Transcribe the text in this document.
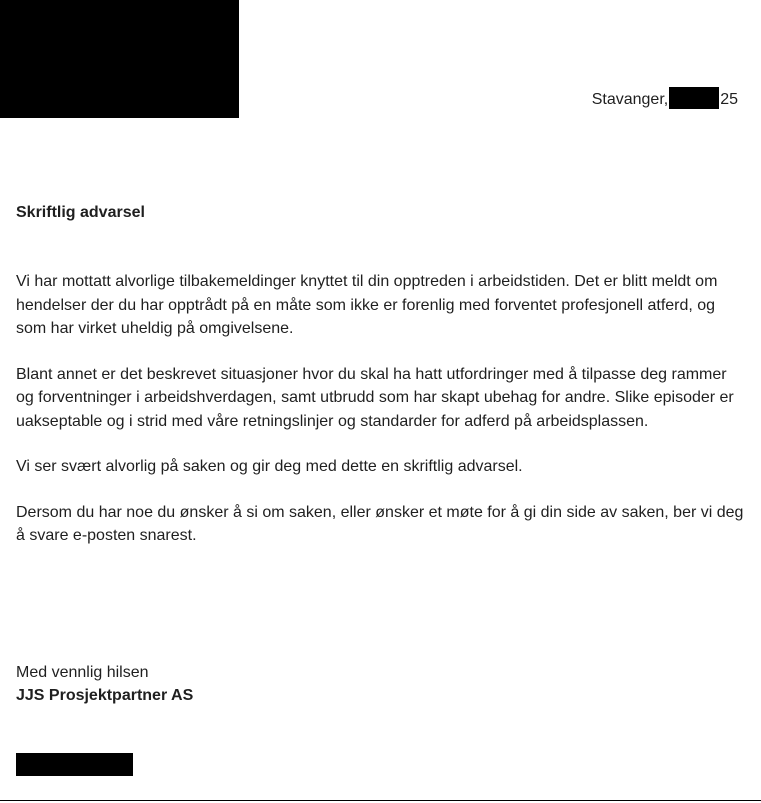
Stavanger,	25
Skriftlig advarsel

Vi har mottatt alvorlige tilbakemeldinger knyttet til din opptreden i arbeidstiden. Det er blitt meldt om hendelser der du har opptrådt på en måte som ikke er forenlig med forventet profesjonell atferd, og som har virket uheldig på omgivelsene.

Blant annet er det beskrevet situasjoner hvor du skal ha hatt utfordringer med å tilpasse deg rammer og forventninger i arbeidshverdagen, samt utbrudd som har skapt ubehag for andre. Slike episoder er uakseptable og i strid med våre retningslinjer og standarder for adferd på arbeidsplassen.

Vi ser svært alvorlig på saken og gir deg med dette en skriftlig advarsel.

Dersom du har noe du ønsker å si om saken, eller ønsker et møte for å gi din side av saken, ber vi deg å svare e-posten snarest.

Med vennlig hilsen
JJS Prosjektpartner AS
